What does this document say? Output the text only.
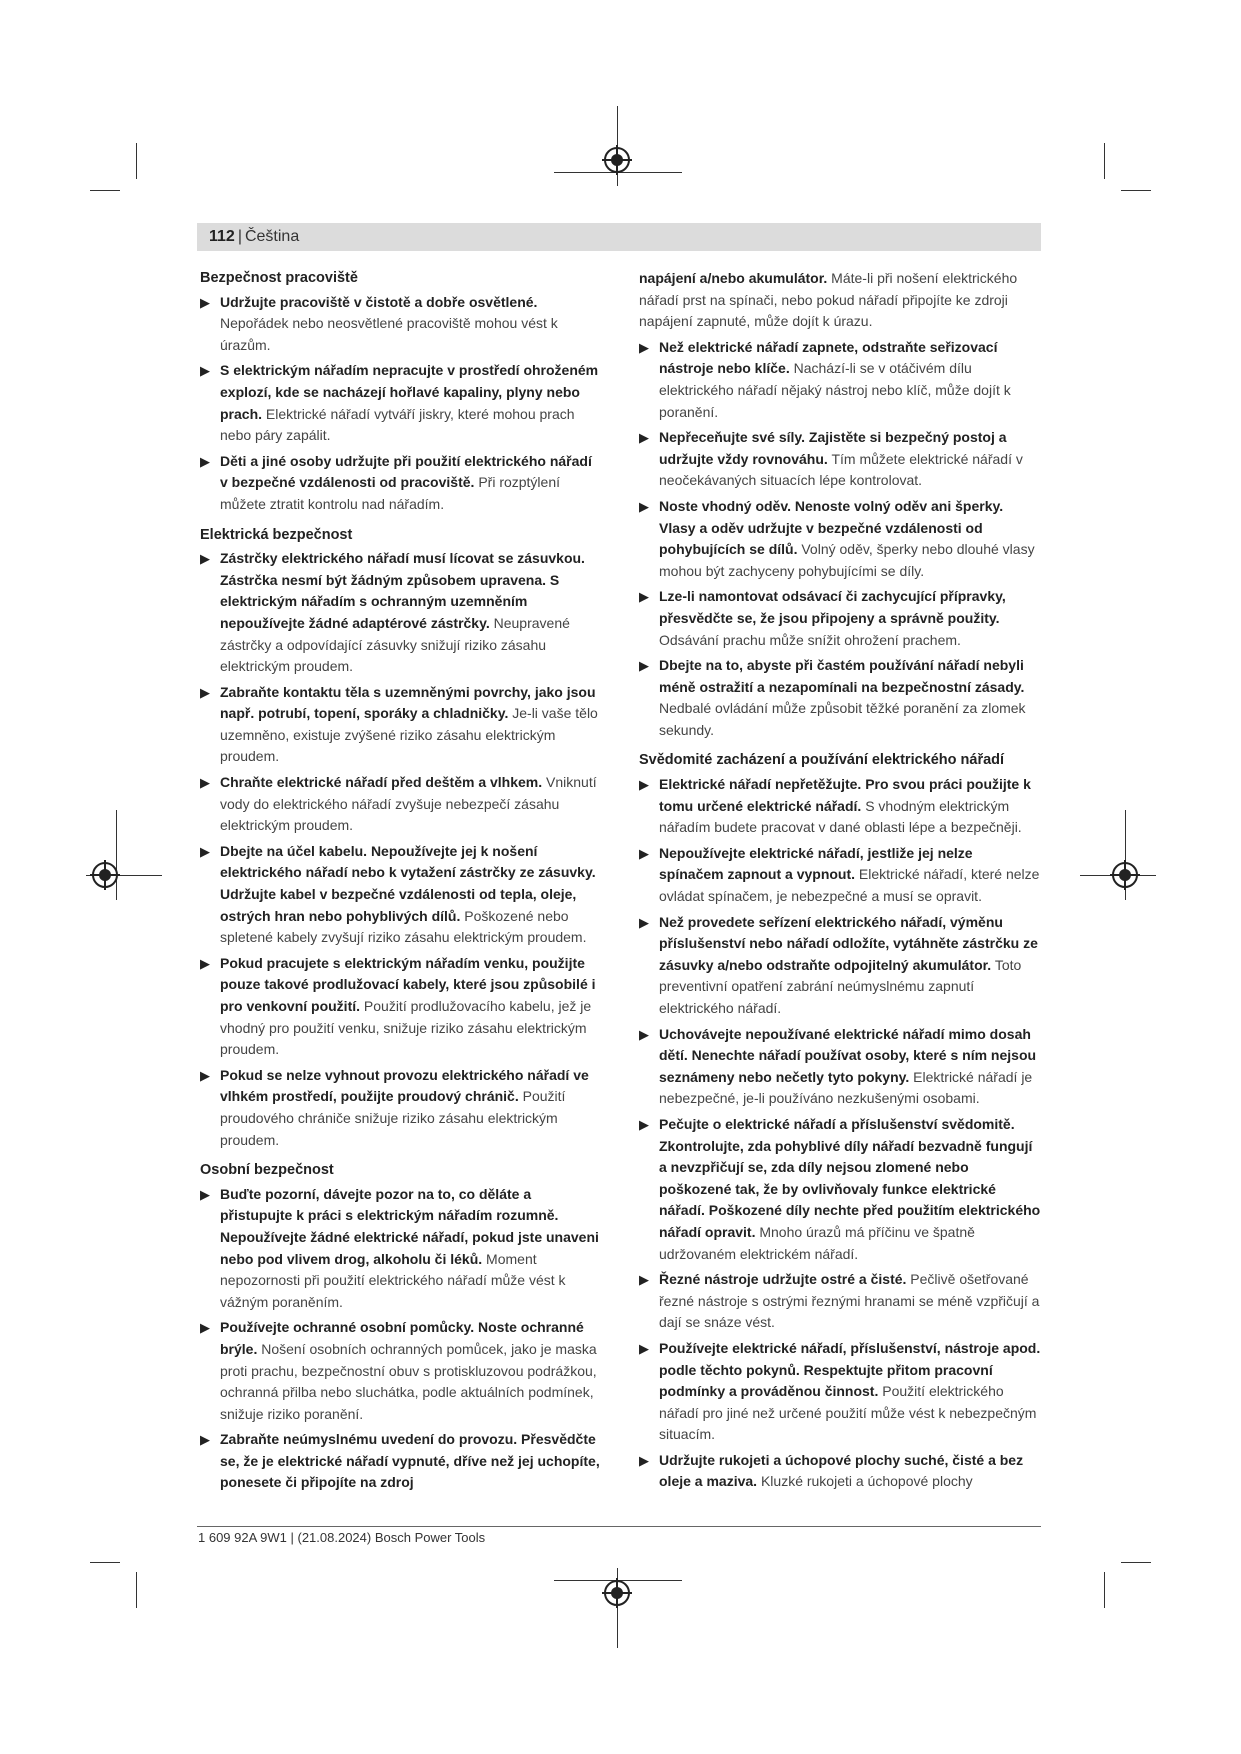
112 | Čeština
Bezpečnost pracoviště
▶ Udržujte pracoviště v čistotě a dobře osvětlené. Nepořádek nebo neosvětlené pracoviště mohou vést k úrazům.
▶ S elektrickým nářadím nepracujte v prostředí ohroženém explozí, kde se nacházejí hořlavé kapaliny, plyny nebo prach. Elektrické nářadí vytváří jiskry, které mohou prach nebo páry zapálit.
▶ Děti a jiné osoby udržujte při použití elektrického nářadí v bezpečné vzdálenosti od pracoviště. Při rozptýlení můžete ztratit kontrolu nad nářadím.
Elektrická bezpečnost
▶ Zástrčky elektrického nářadí musí lícovat se zásuvkou. Zástrčka nesmí být žádným způsobem upravena. S elektrickým nářadím s ochranným uzemněním nepoužívejte žádné adaptérové zástrčky. Neupravené zástrčky a odpovídající zásuvky snižují riziko zásahu elektrickým proudem.
▶ Zabraňte kontaktu těla s uzemněnými povrchy, jako jsou např. potrubí, topení, sporáky a chladničky. Je-li vaše tělo uzemněno, existuje zvýšené riziko zásahu elektrickým proudem.
▶ Chraňte elektrické nářadí před deštěm a vlhkem. Vniknutí vody do elektrického nářadí zvyšuje nebezpečí zásahu elektrickým proudem.
▶ Dbejte na účel kabelu. Nepoužívejte jej k nošení elektrického nářadí nebo k vytažení zástrčky ze zásuvky. Udržujte kabel v bezpečné vzdálenosti od tepla, oleje, ostrých hran nebo pohyblivých dílů. Poškozené nebo spletené kabely zvyšují riziko zásahu elektrickým proudem.
▶ Pokud pracujete s elektrickým nářadím venku, použijte pouze takové prodlužovací kabely, které jsou způsobilé i pro venkovní použití. Použití prodlužovacího kabelu, jež je vhodný pro použití venku, snižuje riziko zásahu elektrickým proudem.
▶ Pokud se nelze vyhnout provozu elektrického nářadí ve vlhkém prostředí, použijte proudový chránič. Použití proudového chrániče snižuje riziko zásahu elektrickým proudem.
Osobní bezpečnost
▶ Buďte pozorní, dávejte pozor na to, co děláte a přistupujte k práci s elektrickým nářadím rozumně. Nepoužívejte žádné elektrické nářadí, pokud jste unaveni nebo pod vlivem drog, alkoholu či léků. Moment nepozornosti při použití elektrického nářadí může vést k vážným poraněním.
▶ Používejte ochranné osobní pomůcky. Noste ochranné brýle. Nošení osobních ochranných pomůcek, jako je maska proti prachu, bezpečnostní obuv s protiskluzovou podrážkou, ochranná přilba nebo sluchátka, podle aktuálních podmínek, snižuje riziko poranění.
▶ Zabraňte neúmyslnému uvedení do provozu. Přesvědčte se, že je elektrické nářadí vypnuté, dříve než jej uchopíte, ponesete či připojíte na zdroj
napájení a/nebo akumulátor. Máte-li při nošení elektrického nářadí prst na spínači, nebo pokud nářadí připojíte ke zdroji napájení zapnuté, může dojít k úrazu.
▶ Než elektrické nářadí zapnete, odstraňte seřizovací nástroje nebo klíče. Nachází-li se v otáčivém dílu elektrického nářadí nějaký nástroj nebo klíč, může dojít k poranění.
▶ Nepřeceňujte své síly. Zajistěte si bezpečný postoj a udržujte vždy rovnováhu. Tím můžete elektrické nářadí v neočekávaných situacích lépe kontrolovat.
▶ Noste vhodný oděv. Nenoste volný oděv ani šperky. Vlasy a oděv udržujte v bezpečné vzdálenosti od pohybujících se dílů. Volný oděv, šperky nebo dlouhé vlasy mohou být zachyceny pohybujícími se díly.
▶ Lze-li namontovat odsávací či zachycující přípravky, přesvědčte se, že jsou připojeny a správně použity. Odsávání prachu může snížit ohrožení prachem.
▶ Dbejte na to, abyste při častém používání nářadí nebyli méně ostražití a nezapomínali na bezpečnostní zásady. Nedbalé ovládání může způsobit těžké poranění za zlomek sekundy.
Svědomité zacházení a používání elektrického nářadí
▶ Elektrické nářadí nepřetěžujte. Pro svou práci použijte k tomu určené elektrické nářadí. S vhodným elektrickým nářadím budete pracovat v dané oblasti lépe a bezpečněji.
▶ Nepoužívejte elektrické nářadí, jestliže jej nelze spínačem zapnout a vypnout. Elektrické nářadí, které nelze ovládat spínačem, je nebezpečné a musí se opravit.
▶ Než provedete seřízení elektrického nářadí, výměnu příslušenství nebo nářadí odložíte, vytáhněte zástrčku ze zásuvky a/nebo odstraňte odpojitelný akumulátor. Toto preventivní opatření zabrání neúmyslnému zapnutí elektrického nářadí.
▶ Uchovávejte nepoužívané elektrické nářadí mimo dosah dětí. Nenechte nářadí používat osoby, které s ním nejsou seznámeny nebo nečetly tyto pokyny. Elektrické nářadí je nebezpečné, je-li používáno nezkušenými osobami.
▶ Pečujte o elektrické nářadí a příslušenství svědomitě. Zkontrolujte, zda pohyblivé díly nářadí bezvadně fungují a nevzpřičují se, zda díly nejsou zlomené nebo poškozené tak, že by ovlivňovaly funkce elektrické nářadí. Poškozené díly nechte před použitím elektrického nářadí opravit. Mnoho úrazů má příčinu ve špatně udržovaném elektrickém nářadí.
▶ Řezné nástroje udržujte ostré a čisté. Pečlivě ošetřované řezné nástroje s ostrými řeznými hranami se méně vzpřičují a dají se snáze vést.
▶ Používejte elektrické nářadí, příslušenství, nástroje apod. podle těchto pokynů. Respektujte přitom pracovní podmínky a prováděnou činnost. Použití elektrického nářadí pro jiné než určené použití může vést k nebezpečným situacím.
▶ Udržujte rukojeti a úchopové plochy suché, čisté a bez oleje a maziva. Kluzké rukojeti a úchopové plochy
1 609 92A 9W1 | (21.08.2024) Bosch Power Tools
